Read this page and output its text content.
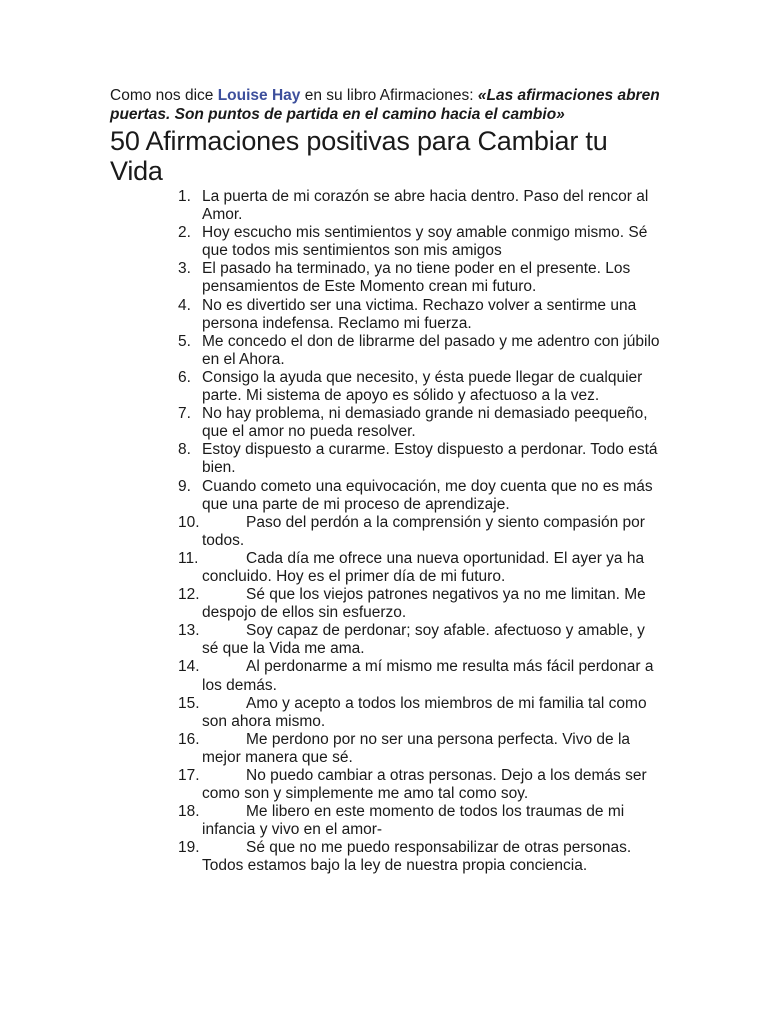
Como nos dice Louise Hay en su libro Afirmaciones: «Las afirmaciones abren puertas. Son puntos de partida en el camino hacia el cambio»

50 Afirmaciones positivas para Cambiar tu Vida
1. La puerta de mi corazón se abre hacia dentro. Paso del rencor al Amor.
2. Hoy escucho mis sentimientos y soy amable conmigo mismo. Sé que todos mis sentimientos son mis amigos
3. El pasado ha terminado, ya no tiene poder en el presente. Los pensamientos de Este Momento crean mi futuro.
4. No es divertido ser una victima. Rechazo volver a sentirme una persona indefensa. Reclamo mi fuerza.
5. Me concedo el don de librarme del pasado y me adentro con júbilo en el Ahora.
6. Consigo la ayuda que necesito, y ésta puede llegar de cualquier parte. Mi sistema de apoyo es sólido y afectuoso a la vez.
7. No hay problema, ni demasiado grande ni demasiado peequeño, que el amor no pueda resolver.
8. Estoy dispuesto a curarme. Estoy dispuesto a perdonar. Todo está bien.
9. Cuando cometo una equivocación, me doy cuenta que no es más que una parte de mi proceso de aprendizaje.
10.	Paso del perdón a la comprensión y siento compasión por todos.
11.	Cada día me ofrece una nueva oportunidad. El ayer ya ha concluido. Hoy es el primer día de mi futuro.
12.	Sé que los viejos patrones negativos ya no me limitan. Me despojo de ellos sin esfuerzo.
13.	Soy capaz de perdonar; soy afable. afectuoso y amable, y sé que la Vida me ama.
14.	Al perdonarme a mí mismo me resulta más fácil perdonar a los demás.
15.	Amo y acepto a todos los miembros de mi familia tal como son ahora mismo.
16.	Me perdono por no ser una persona perfecta. Vivo de la mejor manera que sé.
17.	No puedo cambiar a otras personas. Dejo a los demás ser como son y simplemente me amo tal como soy.
18.	Me libero en este momento de todos los traumas de mi infancia y vivo en el amor-
19.	Sé que no me puedo responsabilizar de otras personas. Todos estamos bajo la ley de nuestra propia conciencia.
